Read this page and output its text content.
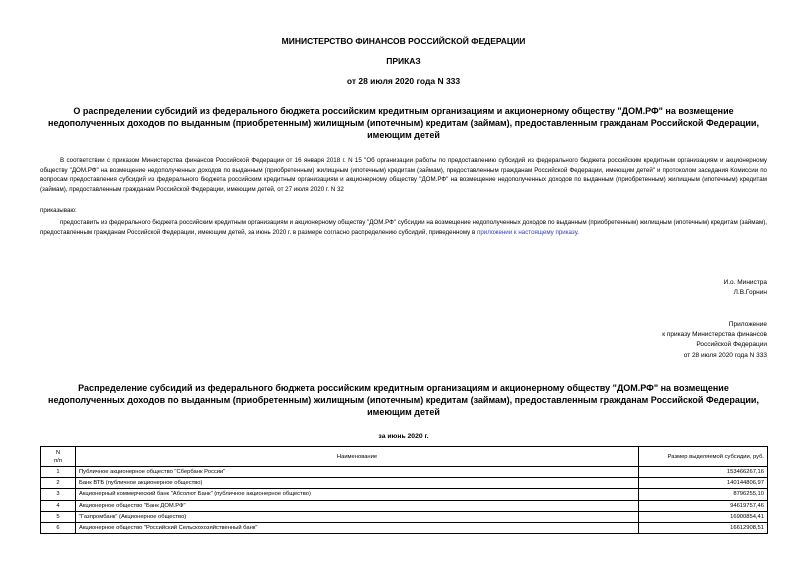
МИНИСТЕРСТВО ФИНАНСОВ РОССИЙСКОЙ ФЕДЕРАЦИИ
ПРИКАЗ
от 28 июля 2020 года N 333
О распределении субсидий из федерального бюджета российским кредитным организациям и акционерному обществу "ДОМ.РФ" на возмещение недополученных доходов по выданным (приобретенным) жилищным (ипотечным) кредитам (займам), предоставленным гражданам Российской Федерации, имеющим детей
В соответствии с приказом Министерства финансов Российской Федерации от 16 января 2018 г. N 15 "Об организации работы по предоставлению субсидий из федерального бюджета российским кредитным организациям и акционерному обществу "ДОМ.РФ" на возмещение недополученных доходов по выданным (приобретенным) жилищным (ипотечным) кредитам (займам), предоставленным гражданам Российской Федерации, имеющим детей" и протоколом заседания Комиссии по вопросам предоставления субсидий из федерального бюджета российским кредитным организациям и акционерному обществу "ДОМ.РФ" на возмещение недополученных доходов по выданным (приобретенным) жилищным (ипотечным) кредитам (займам), предоставленным гражданам Российской Федерации, имеющим детей, от 27 июля 2020 г. N 32
приказываю:
предоставить из федерального бюджета российским кредитным организациям и акционерному обществу "ДОМ.РФ" субсидии на возмещение недополученных доходов по выданным (приобретенным) жилищным (ипотечным) кредитам (займам), предоставленным гражданам Российской Федерации, имеющим детей, за июнь 2020 г. в размере согласно распределению субсидий, приведенному в приложении к настоящему приказу.
И.о. Министра
Л.В.Горнин
Приложение
к приказу Министерства финансов
Российской Федерации
от 28 июля 2020 года N 333
Распределение субсидий из федерального бюджета российским кредитным организациям и акционерному обществу "ДОМ.РФ" на возмещение недополученных доходов по выданным (приобретенным) жилищным (ипотечным) кредитам (займам), предоставленным гражданам Российской Федерации, имеющим детей
за июнь 2020 г.
N
п/п	Наименование	Размер выделяемой субсидии, руб.
1	Публичное акционерное общество "Сбербанк России"	153466267,16
2	Банк ВТБ (публичное акционерное общество)	140144806,97
3	Акционерный коммерческий банк "Абсолют Банк" (публичное акционерное общество)	8796255,10
4	Акционерное общество "Банк ДОМ.РФ"	94619757,46
5	"Газпромбанк" (Акционерное общество)	16900854,41
6	Акционерное общество "Российский Сельскохозяйственный банк"	16612908,51
